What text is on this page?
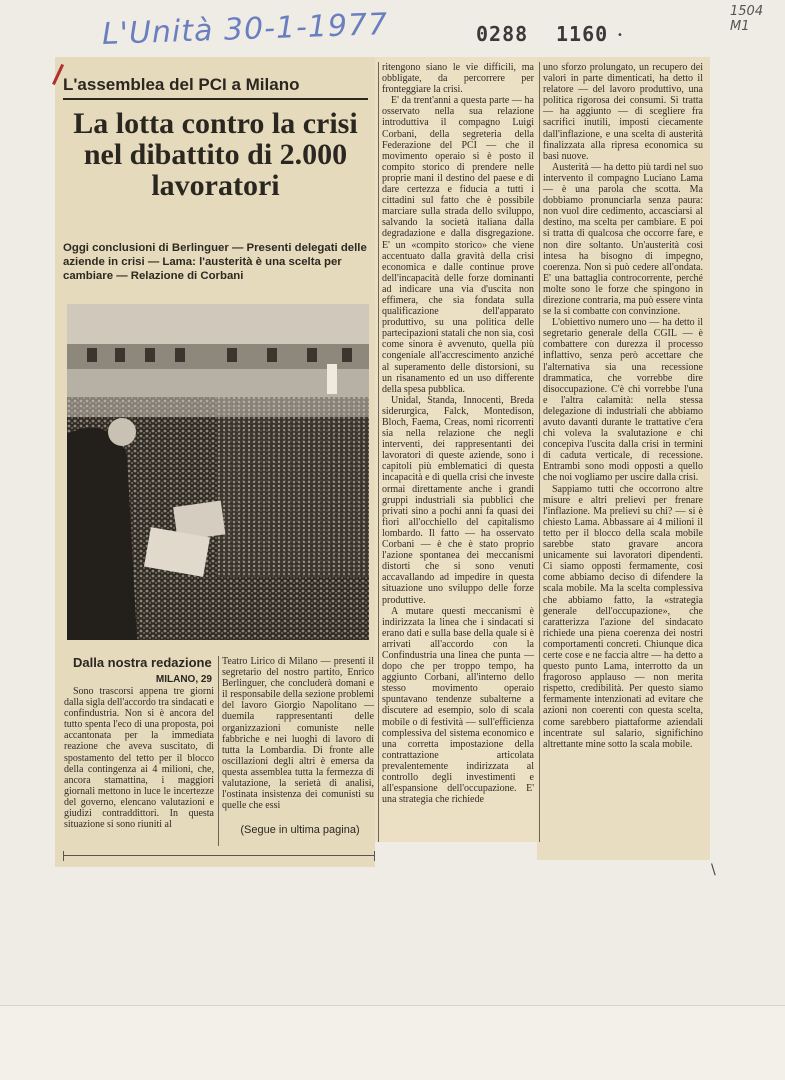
L'Unità 30-1-1977	0288 1160
1504 M1
•
\
L'assemblea del PCI a Milano
La lotta contro la crisi nel dibattito di 2.000 lavoratori
Oggi conclusioni di Berlinguer — Presenti delegati delle aziende in crisi — Lama: l'austerità è una scelta per cambiare — Relazione di Corbani
Dalla nostra redazione
MILANO, 29

Sono trascorsi appena tre giorni dalla sigla dell'accordo tra sindacati e confindustria. Non si è ancora del tutto spenta l'eco di una proposta, poi accantonata per la immediata reazione che aveva suscitato, di spostamento del tetto per il blocco della contingenza ai 4 milioni, che, ancora stamattina, i maggiori giornali mettono in luce le incertezze del governo, elencano valutazioni e giudizi contraddittori. In questa situazione si sono riuniti al

Teatro Lirico di Milano — presenti il segretario del nostro partito, Enrico Berlinguer, che concluderà domani e il responsabile della sezione problemi del lavoro Giorgio Napolitano — duemila rappresentanti delle organizzazioni comuniste nelle fabbriche e nei luoghi di lavoro di tutta la Lombardia. Di fronte alle oscillazioni degli altri è emersa da questa assemblea tutta la fermezza di valutazione, la serietà di analisi, l'ostinata insistenza dei comunisti su quelle che essi

(Segue in ultima pagina)

ritengono siano le vie difficili, ma obbligate, da percorrere per fronteggiare la crisi.

E' da trent'anni a questa parte — ha osservato nella sua relazione introduttiva il compagno Luigi Corbani, della segreteria della Federazione del PCI — che il movimento operaio si è posto il compito storico di prendere nelle proprie mani il destino del paese e di dare certezza e fiducia a tutti i cittadini sul fatto che è possibile marciare sulla strada dello sviluppo, salvando la società italiana dalla degradazione e dalla disgregazione. E' un «compito storico» che viene accentuato dalla gravità della crisi economica e dalle continue prove dell'incapacità delle forze dominanti ad indicare una via d'uscita non effimera, che sia fondata sulla qualificazione dell'apparato produttivo, su una politica delle partecipazioni statali che non sia, così come sinora è avvenuto, quella più congeniale all'accrescimento anziché al superamento delle distorsioni, su un risanamento ed un uso differente della spesa pubblica.

Unidal, Standa, Innocenti, Breda siderurgica, Falck, Montedison, Bloch, Faema, Creas, nomi ricorrenti sia nella relazione che negli interventi, dei rappresentanti dei lavoratori di queste aziende, sono i capitoli più emblematici di questa incapacità e di quella crisi che investe ormai direttamente anche i grandi gruppi industriali sia pubblici che privati sino a pochi anni fa quasi dei fiori all'occhiello del capitalismo lombardo. Il fatto — ha osservato Corbani — è che è stato proprio l'azione spontanea dei meccanismi distorti che si sono venuti accavallando ad impedire in questa situazione uno sviluppo delle forze produttive.

A mutare questi meccanismi è indirizzata la linea che i sindacati si erano dati e sulla base della quale si è arrivati all'accordo con la Confindustria una linea che punta — dopo che per troppo tempo, ha aggiunto Corbani, all'interno dello stesso movimento operaio spuntavano tendenze subalterne a discutere ad esempio, solo di scala mobile o di festività — sull'efficienza complessiva del sistema economico e una corretta impostazione della contrattazione articolata prevalentemente indirizzata al controllo degli investimenti e all'espansione dell'occupazione. E' una strategia che richiede

uno sforzo prolungato, un recupero dei valori in parte dimenticati, ha detto il relatore — del lavoro produttivo, una politica rigorosa dei consumi. Si tratta — ha aggiunto — di scegliere fra sacrifici inutili, imposti ciecamente dall'inflazione, e una scelta di austerità finalizzata alla ripresa economica su basi nuove.

Austerità — ha detto più tardi nel suo intervento il compagno Luciano Lama — è una parola che scotta. Ma dobbiamo pronunciarla senza paura: non vuol dire cedimento, accasciarsi al destino, ma scelta per cambiare. E poi si tratta di qualcosa che occorre fare, e non dire soltanto. Un'austerità così intesa ha bisogno di impegno, coerenza. Non si può cedere all'ondata. E' una battaglia controcorrente, perché molte sono le forze che spingono in direzione contraria, ma può essere vinta se la si combatte con convinzione.

L'obiettivo numero uno — ha detto il segretario generale della CGIL — è combattere con durezza il processo inflattivo, senza però accettare che l'alternativa sia una recessione drammatica, che vorrebbe dire disoccupazione. C'è chi vorrebbe l'una e l'altra calamità: nella stessa delegazione di industriali che abbiamo avuto davanti durante le trattative c'era chi voleva la svalutazione e chi concepiva l'uscita dalla crisi in termini di caduta verticale, di recessione. Entrambi sono modi opposti a quello che noi vogliamo per uscire dalla crisi.

Sappiamo tutti che occorrono altre misure e altri prelievi per frenare l'inflazione. Ma prelievi su chi? — si è chiesto Lama. Abbassare ai 4 milioni il tetto per il blocco della scala mobile sarebbe stato gravare ancora unicamente sui lavoratori dipendenti. Ci siamo opposti fermamente, così come abbiamo deciso di difendere la scala mobile. Ma la scelta complessiva che abbiamo fatto, la «strategia generale dell'occupazione», che caratterizza l'azione del sindacato richiede una piena coerenza dei nostri comportamenti concreti. Chiunque dica certe cose e ne faccia altre — ha detto a questo punto Lama, interrotto da un fragoroso applauso — non merita rispetto, credibilità. Per questo siamo fermamente intenzionati ad evitare che azioni non coerenti con questa scelta, come sarebbero piattaforme aziendali incentrate sul salario, significhino altrettante mine sotto la scala mobile.
